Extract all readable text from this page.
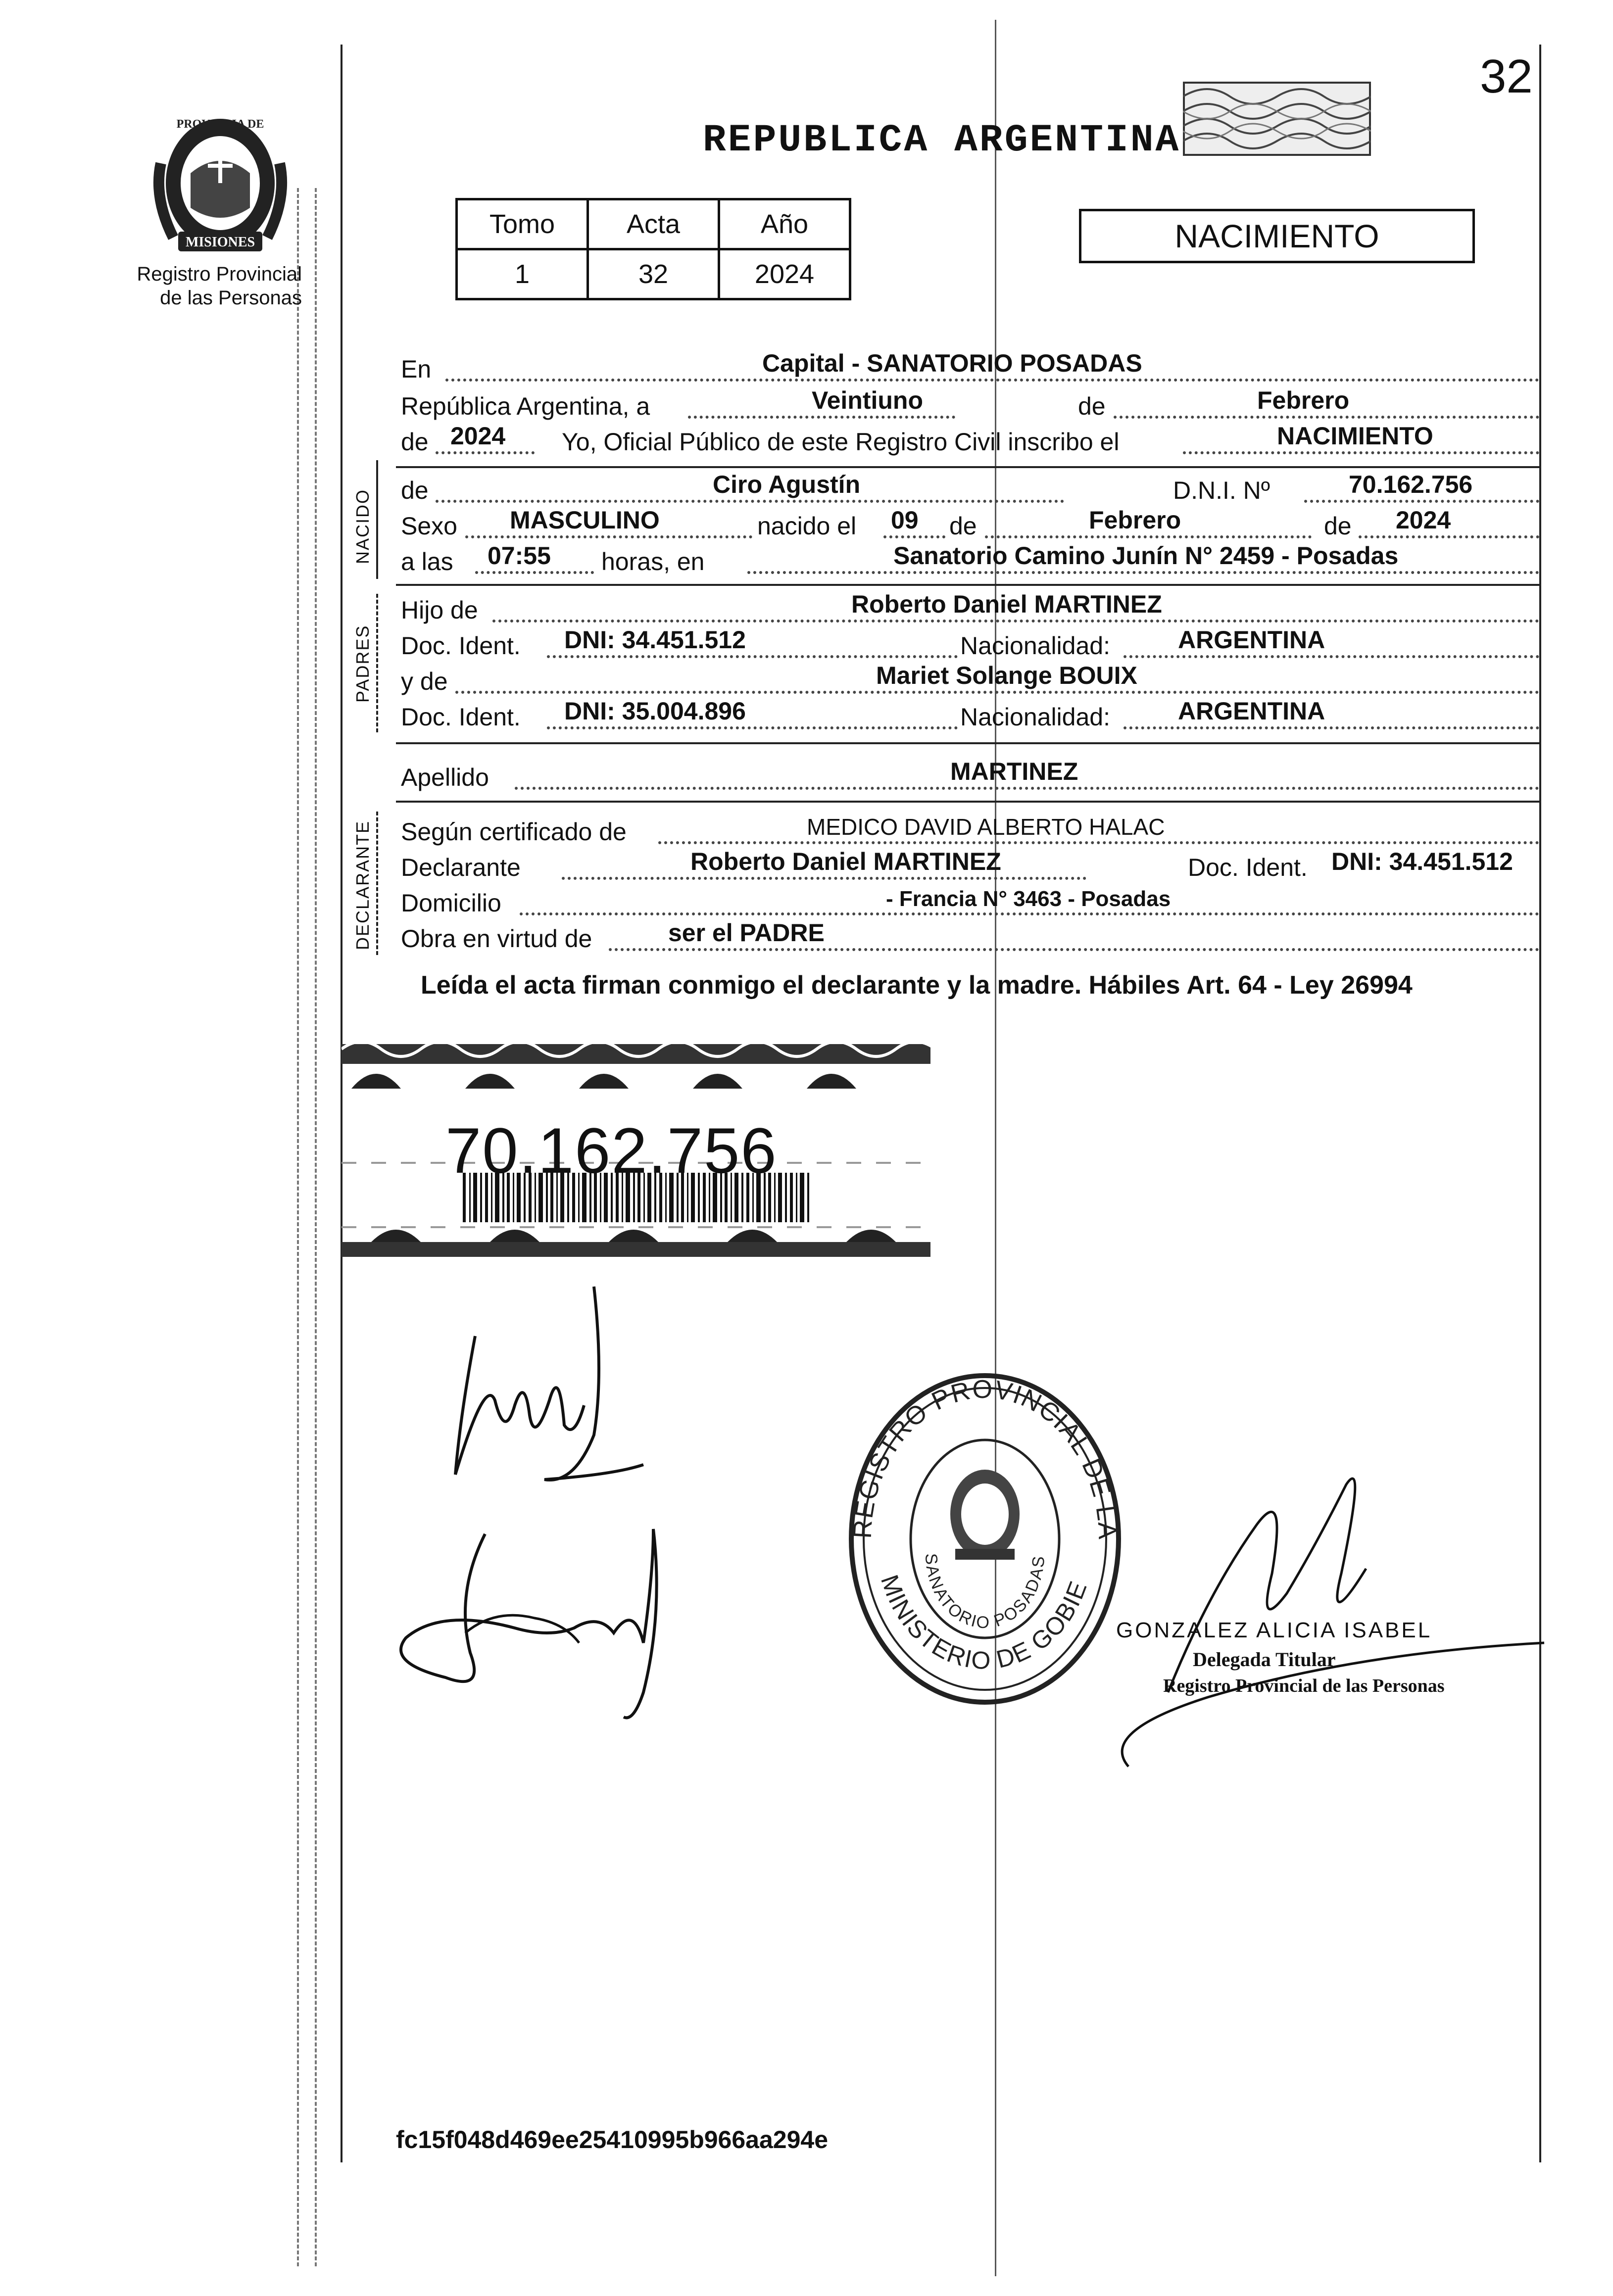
32
MISIONES
PROVINCIA DE
Registro Provincial
de las Personas
REPUBLICA ARGENTINA
Tomo	Acta	Año
1	32	2024
NACIMIENTO
En	Capital - SANATORIO POSADAS
República Argentina, a	Veintiuno	de	Febrero
de 2024 Yo, Oficial Público de este Registro Civil inscribo el	NACIMIENTO
NACIDO de	Ciro Agustín	D.N.I. Nº	70.162.756
Sexo MASCULINO	nacido el 09 de	Febrero	de 2024
a las 07:55 horas, en	Sanatorio Camino Junín N° 2459 - Posadas
PADRES
Hijo de	Roberto Daniel MARTINEZ
Doc. Ident. DNI: 34.451.512	Nacionalidad:	ARGENTINA
y de	Mariet Solange BOUIX
Doc. Ident. DNI: 35.004.896	Nacionalidad:	ARGENTINA
Apellido	MARTINEZ
DECLARANTE Según certificado de	MEDICO DAVID ALBERTO HALAC
Declarante	Roberto Daniel MARTINEZ	Doc. Ident. DNI: 34.451.512
Domicilio	- Francia N° 3463 - Posadas
Obra en virtud de	ser el PADRE
Leída el acta firman conmigo el declarante y la madre. Hábiles Art. 64 - Ley 26994
70.162.756
REGISTRO PROVINCIAL DE LA
MINISTERIO DE GOBIE
SANATORIO POSADAS
GONZALEZ ALICIA ISABEL
Delegada Titular
Registro Provincial de las Personas
fc15f048d469ee25410995b966aa294e
